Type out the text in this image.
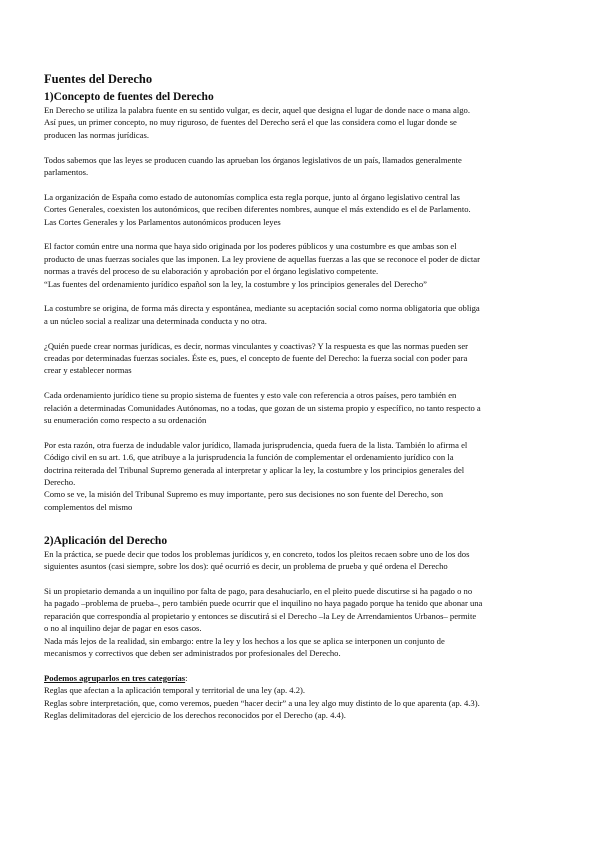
Fuentes del Derecho
1)Concepto de fuentes del Derecho
En Derecho se utiliza la palabra fuente en su sentido vulgar, es decir, aquel que designa el lugar de donde nace o mana algo.
Así pues, un primer concepto, no muy riguroso, de fuentes del Derecho será el que las considera como el lugar donde se
producen las normas jurídicas.
Todos sabemos que las leyes se producen cuando las aprueban los órganos legislativos de un país, llamados generalmente
parlamentos.
La organización de España como estado de autonomías complica esta regla porque, junto al órgano legislativo central las
Cortes Generales, coexisten los autonómicos, que reciben diferentes nombres, aunque el más extendido es el de Parlamento.
Las Cortes Generales y los Parlamentos autonómicos producen leyes
El factor común entre una norma que haya sido originada por los poderes públicos y una costumbre es que ambas son el
producto de unas fuerzas sociales que las imponen. La ley proviene de aquellas fuerzas a las que se reconoce el poder de dictar
normas a través del proceso de su elaboración y aprobación por el órgano legislativo competente.
“Las fuentes del ordenamiento jurídico español son la ley, la costumbre y los principios generales del Derecho”
La costumbre se origina, de forma más directa y espontánea, mediante su aceptación social como norma obligatoria que obliga
a un núcleo social a realizar una determinada conducta y no otra.
¿Quién puede crear normas jurídicas, es decir, normas vinculantes y coactivas? Y la respuesta es que las normas pueden ser
creadas por determinadas fuerzas sociales. Éste es, pues, el concepto de fuente del Derecho: la fuerza social con poder para
crear y establecer normas
Cada ordenamiento jurídico tiene su propio sistema de fuentes y esto vale con referencia a otros países, pero también en
relación a determinadas Comunidades Autónomas, no a todas, que gozan de un sistema propio y específico, no tanto respecto a
su enumeración como respecto a su ordenación
Por esta razón, otra fuerza de indudable valor jurídico, llamada jurisprudencia, queda fuera de la lista. También lo afirma el
Código civil en su art. 1.6, que atribuye a la jurisprudencia la función de complementar el ordenamiento jurídico con la
doctrina reiterada del Tribunal Supremo generada al interpretar y aplicar la ley, la costumbre y los principios generales del
Derecho.
Como se ve, la misión del Tribunal Supremo es muy importante, pero sus decisiones no son fuente del Derecho, son
complementos del mismo
2)Aplicación del Derecho
En la práctica, se puede decir que todos los problemas jurídicos y, en concreto, todos los pleitos recaen sobre uno de los dos
siguientes asuntos (casi siempre, sobre los dos): qué ocurrió es decir, un problema de prueba y qué ordena el Derecho
Si un propietario demanda a un inquilino por falta de pago, para desahuciarlo, en el pleito puede discutirse si ha pagado o no
ha pagado –problema de prueba–, pero también puede ocurrir que el inquilino no haya pagado porque ha tenido que abonar una
reparación que correspondía al propietario y entonces se discutirá si el Derecho –la Ley de Arrendamientos Urbanos– permite
o no al inquilino dejar de pagar en esos casos.
Nada más lejos de la realidad, sin embargo: entre la ley y los hechos a los que se aplica se interponen un conjunto de
mecanismos y correctivos que deben ser administrados por profesionales del Derecho.
Podemos agruparlos en tres categorías:
Reglas que afectan a la aplicación temporal y territorial de una ley (ap. 4.2).
Reglas sobre interpretación, que, como veremos, pueden “hacer decir” a una ley algo muy distinto de lo que aparenta (ap. 4.3).
Reglas delimitadoras del ejercicio de los derechos reconocidos por el Derecho (ap. 4.4).
